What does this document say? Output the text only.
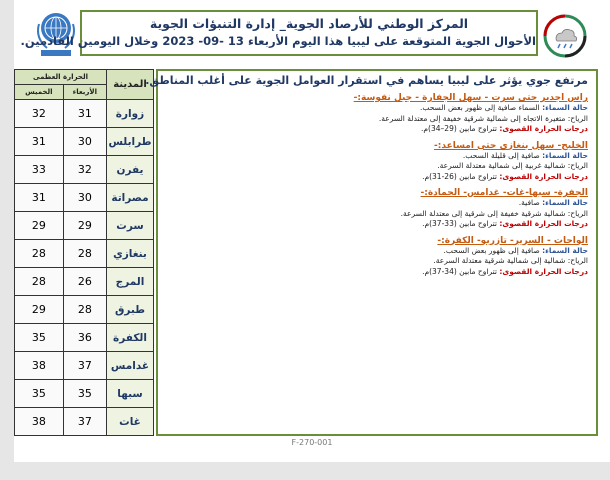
المركز الوطني للأرصاد الجوية_ إدارة التنبؤات الجوية
الأحوال الجوية المتوقعة على ليبيا هذا اليوم الأربعاء 13 -09- 2023 وخلال اليومين القادمين.
المدينة	الحرارة العظمى	
	الأربعاء	الخميس
زوارة	31	32
طرابلس	30	31
يفرن	32	33
مصراتة	30	31
سرت	29	29
بنغازي	28	28
المرج	26	28
طبرق	28	29
الكفرة	36	35
غدامس	37	38
سبها	35	35
غات	37	38
مرتفع جوي يؤثر على ليبيا يساهم في استقرار العوامل الجوية على أغلب المناطق.
راس اجدير حتى سرت - سهل الجفارة - جبل نفوسة:-
حالة السماء: السماء صافية إلى ظهور بعض السحب.
الرياح: متغيرة الاتجاه إلى شمالية شرقية خفيفة إلى معتدلة السرعة.
درجات الحرارة القصوى: تتراوح مابين (29–34)م.
الخليج- سهل بنغازي حتى امساعد:-
حالة السماء: صافية إلى قليلة السحب.
الرياح: شمالية غربية إلى شمالية معتدلة السرعة.
درجات الحرارة القصوى: تتراوح مابين (26-31)م.
الجفرة- سبها-غات- غدامس- الحمادة:-
حالة السماء: صافية.
الرياح: شمالية شرقية خفيفة إلى شرقية إلى معتدلة السرعة.
درجات الحرارة القصوى: تتراوح مابين (33-37)م.
الواحات - السرير- تازربو- الكفرة:-
حالة السماء: صافية إلى ظهور بعض السحب.
الرياح: شمالية إلى شمالية شرقية معتدلة السرعة.
درجات الحرارة القصوى: تتراوح مابين (34-37)م.
F-270-001
